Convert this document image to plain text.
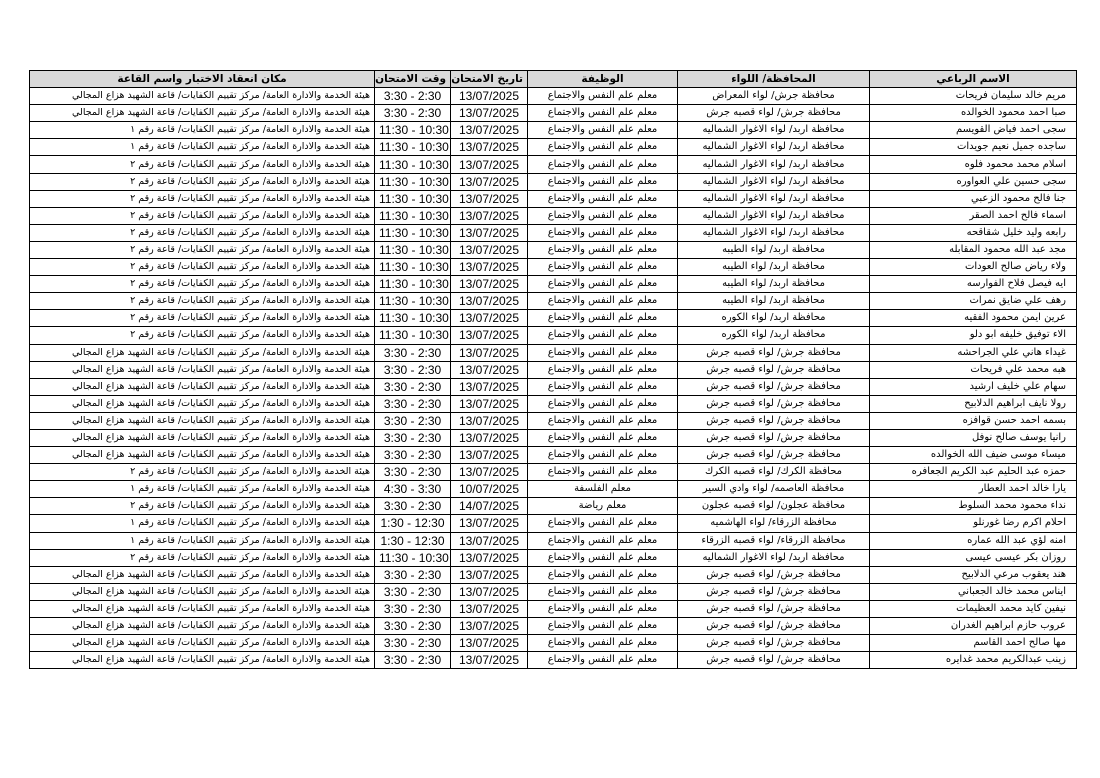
الاسم الرباعي	المحافظة/ اللواء	الوظيفة	تاريخ الامتحان	وقت الامتحان	مكان انعقاد الاختبار واسم القاعة
مريم خالد سليمان فريحات	محافظة جرش/ لواء المعراض	معلم علم النفس والاجتماع	13/07/2025	3:30 - 2:30	هيئة الخدمة والادارة العامة/ مركز تقييم الكفايات/ قاعة الشهيد هزاع المجالي
صبا احمد محمود الخوالده	محافظة جرش/ لواء قصبه جرش	معلم علم النفس والاجتماع	13/07/2025	3:30 - 2:30	هيئة الخدمة والادارة العامة/ مركز تقييم الكفايات/ قاعة الشهيد هزاع المجالي
سجى احمد فياض القويسم	محافظة اربد/ لواء الاغوار الشماليه	معلم علم النفس والاجتماع	13/07/2025	11:30 - 10:30	هيئة الخدمة والادارة العامة/ مركز تقييم الكفايات/ قاعة رقم ١
ساجده جميل نعيم جويدات	محافظة اربد/ لواء الاغوار الشماليه	معلم علم النفس والاجتماع	13/07/2025	11:30 - 10:30	هيئة الخدمة والادارة العامة/ مركز تقييم الكفايات/ قاعة رقم ١
اسلام محمد محمود فلوه	محافظة اربد/ لواء الاغوار الشماليه	معلم علم النفس والاجتماع	13/07/2025	11:30 - 10:30	هيئة الخدمة والادارة العامة/ مركز تقييم الكفايات/ قاعة رقم ٢
سجى حسين علي العواوره	محافظة اربد/ لواء الاغوار الشماليه	معلم علم النفس والاجتماع	13/07/2025	11:30 - 10:30	هيئة الخدمة والادارة العامة/ مركز تقييم الكفايات/ قاعة رقم ٢
جنا فالح محمود الزعبي	محافظة اربد/ لواء الاغوار الشماليه	معلم علم النفس والاجتماع	13/07/2025	11:30 - 10:30	هيئة الخدمة والادارة العامة/ مركز تقييم الكفايات/ قاعة رقم ٢
اسماء فالح احمد الصقر	محافظة اربد/ لواء الاغوار الشماليه	معلم علم النفس والاجتماع	13/07/2025	11:30 - 10:30	هيئة الخدمة والادارة العامة/ مركز تقييم الكفايات/ قاعة رقم ٢
رابعه وليد خليل شقاقحه	محافظة اربد/ لواء الاغوار الشماليه	معلم علم النفس والاجتماع	13/07/2025	11:30 - 10:30	هيئة الخدمة والادارة العامة/ مركز تقييم الكفايات/ قاعة رقم ٢
مجد عبد الله محمود المقابله	محافظة اربد/ لواء الطيبه	معلم علم النفس والاجتماع	13/07/2025	11:30 - 10:30	هيئة الخدمة والادارة العامة/ مركز تقييم الكفايات/ قاعة رقم ٢
ولاء رياض صالح العودات	محافظة اربد/ لواء الطيبه	معلم علم النفس والاجتماع	13/07/2025	11:30 - 10:30	هيئة الخدمة والادارة العامة/ مركز تقييم الكفايات/ قاعة رقم ٢
ايه فيصل فلاح الفوارسه	محافظة اربد/ لواء الطيبه	معلم علم النفس والاجتماع	13/07/2025	11:30 - 10:30	هيئة الخدمة والادارة العامة/ مركز تقييم الكفايات/ قاعة رقم ٢
رهف علي ضايق نمرات	محافظة اربد/ لواء الطيبه	معلم علم النفس والاجتماع	13/07/2025	11:30 - 10:30	هيئة الخدمة والادارة العامة/ مركز تقييم الكفايات/ قاعة رقم ٢
عرين ايمن محمود الفقيه	محافظة اربد/ لواء الكوره	معلم علم النفس والاجتماع	13/07/2025	11:30 - 10:30	هيئة الخدمة والادارة العامة/ مركز تقييم الكفايات/ قاعة رقم ٢
الاء توفيق خليفه ابو دلو	محافظة اربد/ لواء الكوره	معلم علم النفس والاجتماع	13/07/2025	11:30 - 10:30	هيئة الخدمة والادارة العامة/ مركز تقييم الكفايات/ قاعة رقم ٢
غيداء هاني علي الجراحشه	محافظة جرش/ لواء قصبه جرش	معلم علم النفس والاجتماع	13/07/2025	3:30 - 2:30	هيئة الخدمة والادارة العامة/ مركز تقييم الكفايات/ قاعة الشهيد هزاع المجالي
هبه محمد علي فريحات	محافظة جرش/ لواء قصبه جرش	معلم علم النفس والاجتماع	13/07/2025	3:30 - 2:30	هيئة الخدمة والادارة العامة/ مركز تقييم الكفايات/ قاعة الشهيد هزاع المجالي
سهام علي خليف ارشيد	محافظة جرش/ لواء قصبه جرش	معلم علم النفس والاجتماع	13/07/2025	3:30 - 2:30	هيئة الخدمة والادارة العامة/ مركز تقييم الكفايات/ قاعة الشهيد هزاع المجالي
رولا نايف ابراهيم الدلابيح	محافظة جرش/ لواء قصبه جرش	معلم علم النفس والاجتماع	13/07/2025	3:30 - 2:30	هيئة الخدمة والادارة العامة/ مركز تقييم الكفايات/ قاعة الشهيد هزاع المجالي
بسمه احمد حسن قوافزه	محافظة جرش/ لواء قصبه جرش	معلم علم النفس والاجتماع	13/07/2025	3:30 - 2:30	هيئة الخدمة والادارة العامة/ مركز تقييم الكفايات/ قاعة الشهيد هزاع المجالي
رانيا يوسف صالح نوفل	محافظة جرش/ لواء قصبه جرش	معلم علم النفس والاجتماع	13/07/2025	3:30 - 2:30	هيئة الخدمة والادارة العامة/ مركز تقييم الكفايات/ قاعة الشهيد هزاع المجالي
ميساء موسى ضيف الله الخوالده	محافظة جرش/ لواء قصبه جرش	معلم علم النفس والاجتماع	13/07/2025	3:30 - 2:30	هيئة الخدمة والادارة العامة/ مركز تقييم الكفايات/ قاعة الشهيد هزاع المجالي
حمزه عبد الحليم عبد الكريم الجعافره	محافظة الكرك/ لواء قصبه الكرك	معلم علم النفس والاجتماع	13/07/2025	3:30 - 2:30	هيئة الخدمة والادارة العامة/ مركز تقييم الكفايات/ قاعة رقم ٢
يارا خالد احمد العطار	محافظة العاصمه/ لواء وادي السير	معلم الفلسفة	10/07/2025	4:30 - 3:30	هيئة الخدمة والادارة العامة/ مركز تقييم الكفايات/ قاعة رقم ١
نداء محمود محمد السلوط	محافظة عجلون/ لواء قصبه عجلون	معلم رياضة	14/07/2025	3:30 - 2:30	هيئة الخدمة والادارة العامة/ مركز تقييم الكفايات/ قاعة رقم ٢
احلام اكرم رضا غورنلو	محافظة الزرقاء/ لواء الهاشميه	معلم علم النفس والاجتماع	13/07/2025	1:30 - 12:30	هيئة الخدمة والادارة العامة/ مركز تقييم الكفايات/ قاعة رقم ١
امنه لؤي عبد الله عماره	محافظة الزرقاء/ لواء قصبه الزرقاء	معلم علم النفس والاجتماع	13/07/2025	1:30 - 12:30	هيئة الخدمة والادارة العامة/ مركز تقييم الكفايات/ قاعة رقم ١
روزان بكر عيسى عيسى	محافظة اربد/ لواء الاغوار الشماليه	معلم علم النفس والاجتماع	13/07/2025	11:30 - 10:30	هيئة الخدمة والادارة العامة/ مركز تقييم الكفايات/ قاعة رقم ٢
هند يعقوب مرعي الدلابيح	محافظة جرش/ لواء قصبه جرش	معلم علم النفس والاجتماع	13/07/2025	3:30 - 2:30	هيئة الخدمة والادارة العامة/ مركز تقييم الكفايات/ قاعة الشهيد هزاع المجالي
ايناس محمد خالد الجعباني	محافظة جرش/ لواء قصبه جرش	معلم علم النفس والاجتماع	13/07/2025	3:30 - 2:30	هيئة الخدمة والادارة العامة/ مركز تقييم الكفايات/ قاعة الشهيد هزاع المجالي
نيفين كايد محمد العظيمات	محافظة جرش/ لواء قصبه جرش	معلم علم النفس والاجتماع	13/07/2025	3:30 - 2:30	هيئة الخدمة والادارة العامة/ مركز تقييم الكفايات/ قاعة الشهيد هزاع المجالي
عروب حازم ابراهيم الغدران	محافظة جرش/ لواء قصبه جرش	معلم علم النفس والاجتماع	13/07/2025	3:30 - 2:30	هيئة الخدمة والادارة العامة/ مركز تقييم الكفايات/ قاعة الشهيد هزاع المجالي
مها صالح احمد القاسم	محافظة جرش/ لواء قصبه جرش	معلم علم النفس والاجتماع	13/07/2025	3:30 - 2:30	هيئة الخدمة والادارة العامة/ مركز تقييم الكفايات/ قاعة الشهيد هزاع المجالي
زينب عبدالكريم محمد غدايره	محافظة جرش/ لواء قصبه جرش	معلم علم النفس والاجتماع	13/07/2025	3:30 - 2:30	هيئة الخدمة والادارة العامة/ مركز تقييم الكفايات/ قاعة الشهيد هزاع المجالي
